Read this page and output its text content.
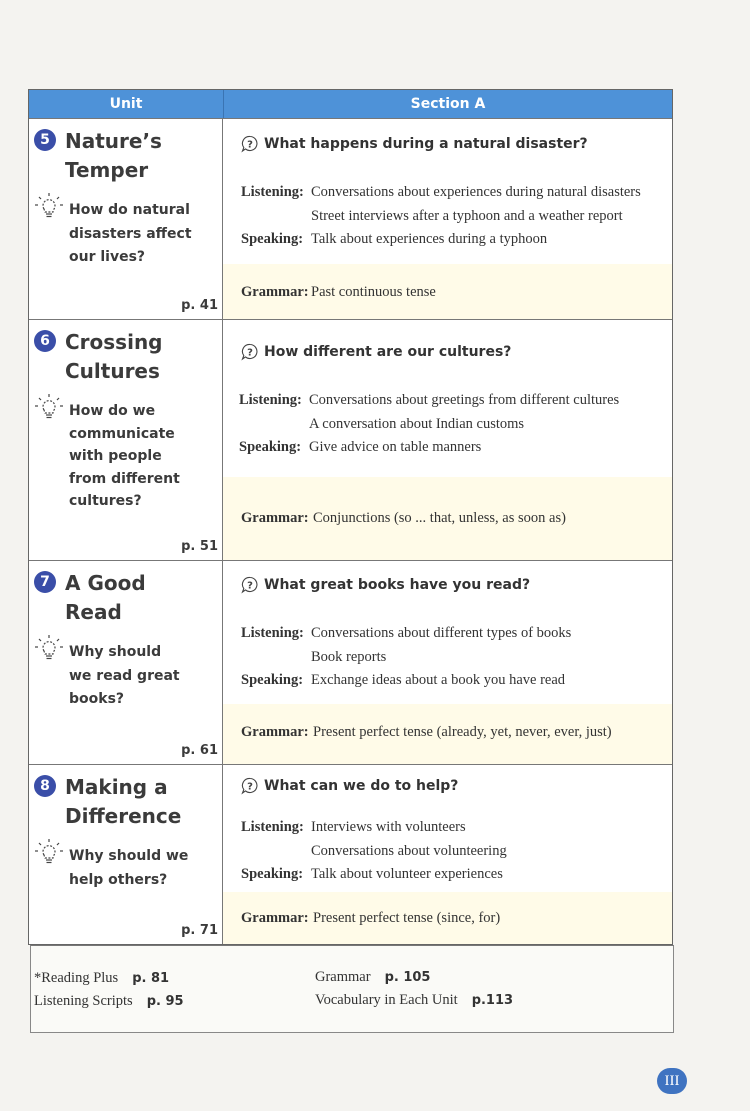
Unit	Section A
5 Nature’s
Temper
How do natural
disasters affect
our lives?
p. 41
? What happens during a natural disaster?
Listening: Conversations about experiences during natural disasters
Street interviews after a typhoon and a weather report
Speaking: Talk about experiences during a typhoon
Grammar: Past continuous tense
6 Crossing
Cultures
How do we
communicate
with people
from different
cultures?
p. 51
? How different are our cultures?
Listening: Conversations about greetings from different cultures
A conversation about Indian customs
Speaking: Give advice on table manners
Grammar: Conjunctions (so ... that, unless, as soon as)
7 A Good
Read
Why should
we read great
books?
p. 61
? What great books have you read?
Listening: Conversations about different types of books
Book reports
Speaking: Exchange ideas about a book you have read
Grammar: Present perfect tense (already, yet, never, ever, just)
8 Making a
Difference
Why should we
help others?
p. 71
? What can we do to help?
Listening: Interviews with volunteers
Conversations about volunteering
Speaking: Talk about volunteer experiences
Grammar: Present perfect tense (since, for)
*Reading Plus p. 81
Listening Scripts p. 95
Grammar p. 105
Vocabulary in Each Unit p.113
III
